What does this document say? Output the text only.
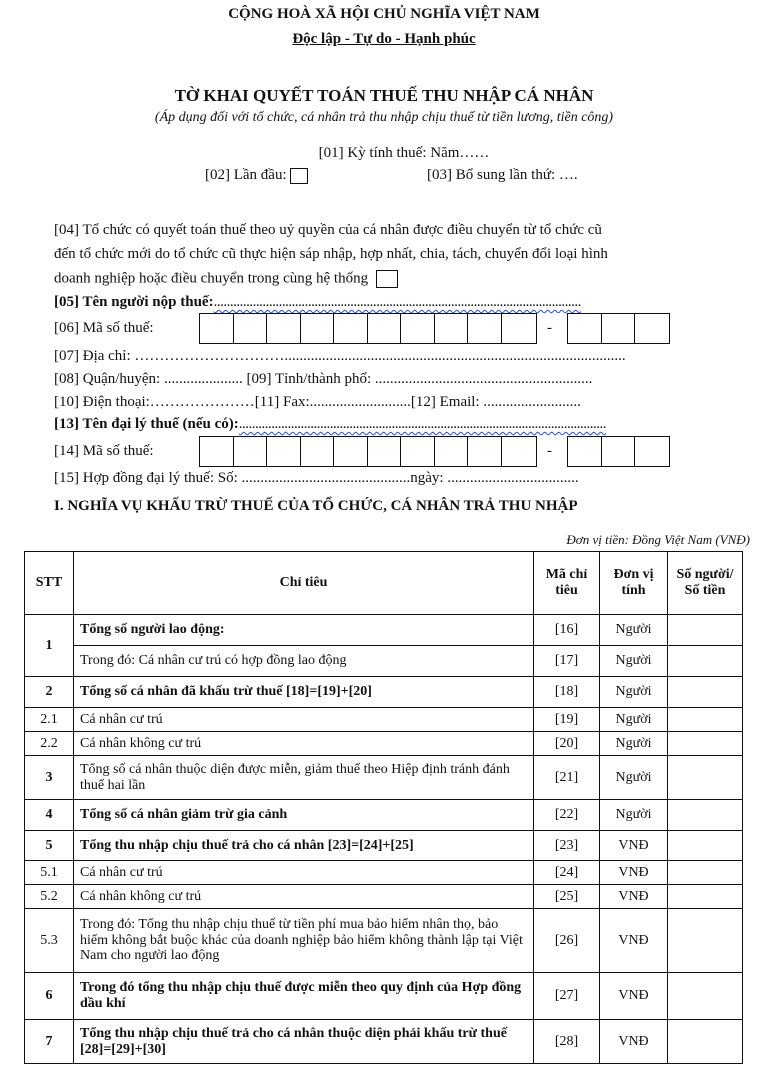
CỘNG HOÀ XÃ HỘI CHỦ NGHĨA VIỆT NAM
Độc lập - Tự do - Hạnh phúc
TỜ KHAI QUYẾT TOÁN THUẾ THU NHẬP CÁ NHÂN
(Áp dụng đối với tổ chức, cá nhân trả thu nhập chịu thuế từ tiền lương, tiền công)
[01] Kỳ tính thuế: Năm……
[02] Lần đầu:	[03] Bổ sung lần thứ: ….
[04] Tổ chức có quyết toán thuế theo uỷ quyền của cá nhân được điều chuyển từ tổ chức cũ
đến tổ chức mới do tổ chức cũ thực hiện sáp nhập, hợp nhất, chia, tách, chuyển đổi loại hình
doanh nghiệp hoặc điều chuyển trong cùng hệ thống
[05] Tên người nộp thuế:.................................................................................................................
[06] Mã số thuế:	-
[07] Địa chỉ: …………………………...........................................................................................
[08] Quận/huyện: ..................... [09] Tỉnh/thành phố: ..........................................................
[10] Điện thoại:…………………[11] Fax:...........................[12] Email: ..........................
[13] Tên đại lý thuế (nếu có):.................................................................................................................
[14] Mã số thuế:	-
[15] Hợp đồng đại lý thuế: Số: .............................................ngày: ...................................
I. NGHĨA VỤ KHẤU TRỪ THUẾ CỦA TỔ CHỨC, CÁ NHÂN TRẢ THU NHẬP
Đơn vị tiền: Đồng Việt Nam (VNĐ)
STT	Chỉ tiêu	Mã chỉ tiêu	Đơn vị tính	Số người/ Số tiền
1	Tổng số người lao động:	[16]	Người	
	Trong đó: Cá nhân cư trú có hợp đồng lao động	[17]	Người	
2	Tổng số cá nhân đã khấu trừ thuế [18]=[19]+[20]	[18]	Người	
2.1	Cá nhân cư trú	[19]	Người	
2.2	Cá nhân không cư trú	[20]	Người	
3	Tổng số cá nhân thuộc diện được miễn, giảm thuế theo Hiệp định tránh đánh thuế hai lần	[21]	Người	
4	Tổng số cá nhân giảm trừ gia cảnh	[22]	Người	
5	Tổng thu nhập chịu thuế trả cho cá nhân [23]=[24]+[25]	[23]	VNĐ	
5.1	Cá nhân cư trú	[24]	VNĐ	
5.2	Cá nhân không cư trú	[25]	VNĐ	
5.3	Trong đó: Tổng thu nhập chịu thuế từ tiền phí mua bảo hiểm nhân thọ, bảo hiểm không bắt buộc khác của doanh nghiệp bảo hiểm không thành lập tại Việt Nam cho người lao động	[26]	VNĐ	
6	Trong đó tổng thu nhập chịu thuế được miễn theo quy định của Hợp đồng dầu khí	[27]	VNĐ	
7	Tổng thu nhập chịu thuế trả cho cá nhân thuộc diện phải khấu trừ thuế [28]=[29]+[30]	[28]	VNĐ	
